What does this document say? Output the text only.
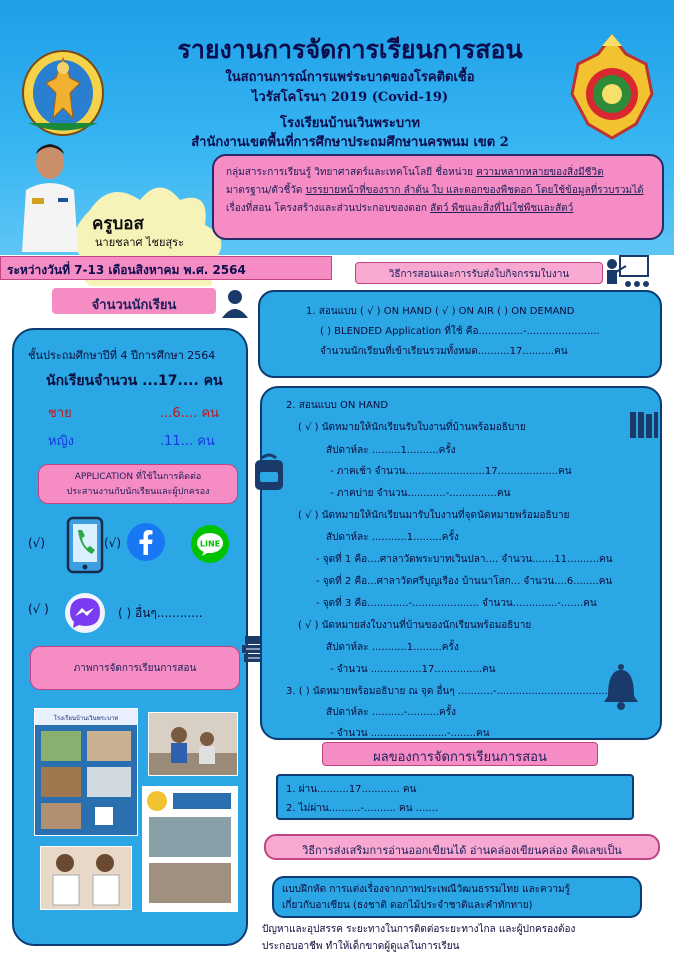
รายงานการจัดการเรียนการสอน
ในสถานการณ์การแพร่ระบาดของโรคติดเชื้อ
ไวรัสโคโรนา 2019 (Covid-19)
โรงเรียนบ้านเวินพระบาท
สำนักงานเขตพื้นที่การศึกษาประถมศึกษานครพนม เขต 2
ครูบอส
นายชลาศ ไชยสุระ
กลุ่มสาระการเรียนรู้ วิทยาศาสตร์และเทคโนโลยี ชื่อหน่วย ความหลากหลายของสิ่งมีชีวิต
มาตรฐาน/ตัวชี้วัด บรรยายหน้าที่ของราก ลำต้น ใบ และดอกของพืชดอก โดยใช้ข้อมูลที่รวบรวมได้
เรื่องที่สอน โครงสร้างและส่วนประกอบของดอก สัตว์ พืชและสิ่งที่ไม่ใช่พืชและสัตว์
ระหว่างวันที่ 7-13 เดือนสิงหาคม พ.ศ. 2564	วิธีการสอนและการรับส่งใบกิจกรรมใบงาน
จำนวนนักเรียน	1. สอนแบบ ( √ ) ON HAND ( √ ) ON AIR ( ) ON DEMAND
( ) BLENDED Application ที่ใช้ คือ..............-.......................
จำนวนนักเรียนที่เข้าเรียนรวมทั้งหมด..........17..........คน
ชั้นประถมศึกษาปีที่ 4 ปีการศึกษา 2564
นักเรียนจำนวน ...17.... คน
ชาย	...6.... คน
หญิง	.11... คน
APPLICATION ที่ใช้ในการติดต่อ
ประสานงานกับนักเรียนและผู้ปกครอง
(√)	(√)	LINE
(√ )	( ) อื่นๆ............
ภาพการจัดการเรียนการสอน
โรงเรียนบ้านเวินพระบาท
2. สอนแบบ ON HAND
( √ ) นัดหมายให้นักเรียนรับใบงานที่บ้านพร้อมอธิบาย
สัปดาห์ละ .........1..........ครั้ง
- ภาคเช้า จำนวน.........................17...................คน
- ภาคบ่าย จำนวน............-...............คน
( √ ) นัดหมายให้นักเรียนมารับใบงานที่จุดนัดหมายพร้อมอธิบาย
สัปดาห์ละ ...........1.........ครั้ง
- จุดที่ 1 คือ....ศาลาวัดพระบาทเวินปลา.... จำนวน.......11..........คน
- จุดที่ 2 คือ...ศาลาวัดศรีบุญเรือง บ้านนาโสก... จำนวน....6........คน
- จุดที่ 3 คือ.............-..................... จำนวน..............-.......คน
( √ ) นัดหมายส่งใบงานที่บ้านของนักเรียนพร้อมอธิบาย
สัปดาห์ละ ...........1.........ครั้ง
- จำนวน ................17...............คน
3. ( ) นัดหมายพร้อมอธิบาย ณ จุด อื่นๆ ...........-...................................
สัปดาห์ละ ..........-..........ครั้ง
- จำนวน ........................-........คน
ผลของการจัดการเรียนการสอน
1. ผ่าน..........17............ คน
2. ไม่ผ่าน..........-.......... คน .......
วิธีการส่งเสริมการอ่านออกเขียนได้ อ่านคล่องเขียนคล่อง คิดเลขเป็น
แบบฝึกหัด การแต่งเรื่องจากภาพประเพณีวัฒนธรรมไทย และความรู้
เกี่ยวกับอาเซียน (ธงชาติ ดอกไม้ประจำชาติและคำทักทาย)
ปัญหาและอุปสรรค ระยะทางในการติดต่อระยะทางไกล และผู้ปกครองต้อง
ประกอบอาชีพ ทำให้เด็กขาดผู้ดูแลในการเรียน
